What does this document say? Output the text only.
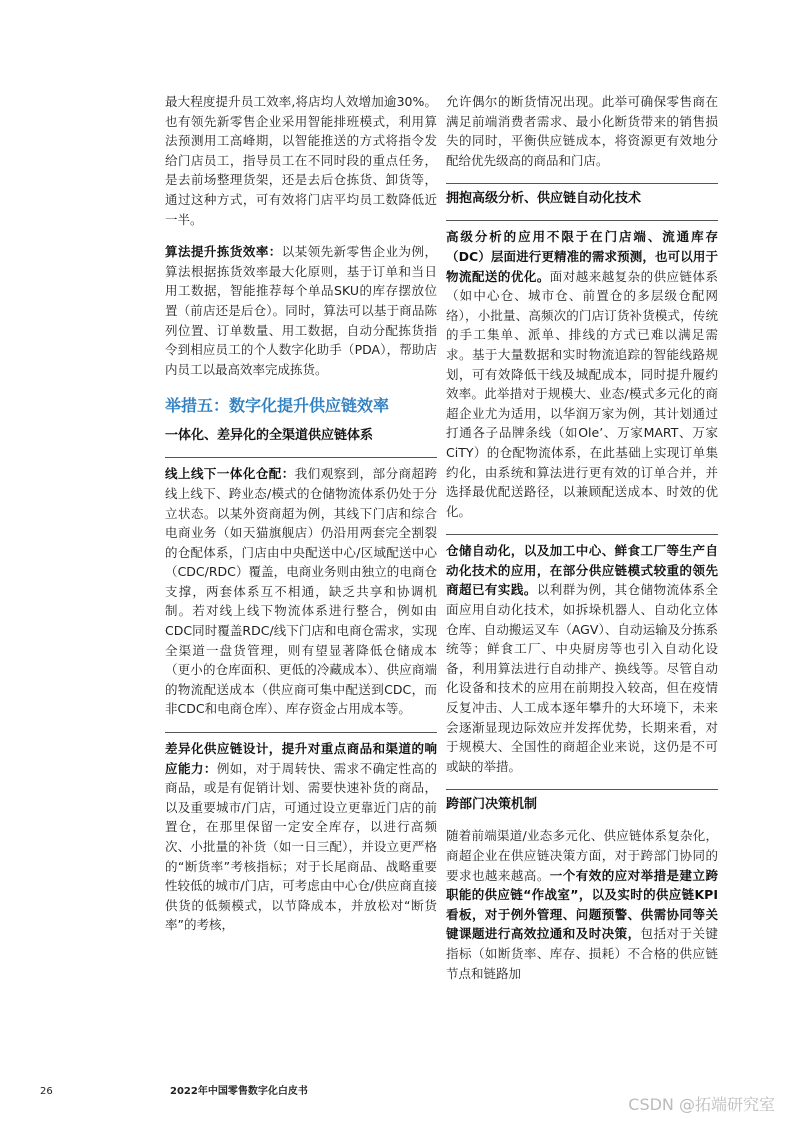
最大程度提升员工效率,将店均人效增加逾30%。也有领先新零售企业采用智能排班模式，利用算法预测用工高峰期，以智能推送的方式将指令发给门店员工，指导员工在不同时段的重点任务，是去前场整理货架，还是去后仓拣货、卸货等，通过这种方式，可有效将门店平均员工数降低近一半。

算法提升拣货效率：以某领先新零售企业为例，算法根据拣货效率最大化原则，基于订单和当日用工数据，智能推荐每个单品SKU的库存摆放位置（前店还是后仓）。同时，算法可以基于商品陈列位置、订单数量、用工数据，自动分配拣货指令到相应员工的个人数字化助手（PDA），帮助店内员工以最高效率完成拣货。

举措五：数字化提升供应链效率
一体化、差异化的全渠道供应链体系

线上线下一体化仓配：我们观察到，部分商超跨线上线下、跨业态/模式的仓储物流体系仍处于分立状态。以某外资商超为例，其线下门店和综合电商业务（如天猫旗舰店）仍沿用两套完全割裂的仓配体系，门店由中央配送中心/区域配送中心（CDC/RDC）覆盖，电商业务则由独立的电商仓支撑，两套体系互不相通，缺乏共享和协调机制。若对线上线下物流体系进行整合，例如由CDC同时覆盖RDC/线下门店和电商仓需求，实现全渠道一盘货管理，则有望显著降低仓储成本（更小的仓库面积、更低的冷藏成本）、供应商端的物流配送成本（供应商可集中配送到CDC，而非CDC和电商仓库）、库存资金占用成本等。

差异化供应链设计，提升对重点商品和渠道的响应能力：例如，对于周转快、需求不确定性高的商品，或是有促销计划、需要快速补货的商品，以及重要城市/门店，可通过设立更靠近门店的前置仓，在那里保留一定安全库存，以进行高频次、小批量的补货（如一日三配），并设立更严格的“断货率”考核指标；对于长尾商品、战略重要性较低的城市/门店，可考虑由中心仓/供应商直接供货的低频模式，以节降成本，并放松对“断货率”的考核，

允许偶尔的断货情况出现。此举可确保零售商在满足前端消费者需求、最小化断货带来的销售损失的同时，平衡供应链成本，将资源更有效地分配给优先级高的商品和门店。

拥抱高级分析、供应链自动化技术

高级分析的应用不限于在门店端、流通库存（DC）层面进行更精准的需求预测，也可以用于物流配送的优化。面对越来越复杂的供应链体系（如中心仓、城市仓、前置仓的多层级仓配网络），小批量、高频次的门店订货补货模式，传统的手工集单、派单、排线的方式已难以满足需求。基于大量数据和实时物流追踪的智能线路规划，可有效降低干线及城配成本，同时提升履约效率。此举措对于规模大、业态/模式多元化的商超企业尤为适用，以华润万家为例，其计划通过打通各子品牌条线（如Ole’、万家MART、万家CiTY）的仓配物流体系，在此基础上实现订单集约化，由系统和算法进行更有效的订单合并，并选择最优配送路径，以兼顾配送成本、时效的优化。

仓储自动化，以及加工中心、鲜食工厂等生产自动化技术的应用，在部分供应链模式较重的领先商超已有实践。以利群为例，其仓储物流体系全面应用自动化技术，如拆垛机器人、自动化立体仓库、自动搬运叉车（AGV）、自动运输及分拣系统等；鲜食工厂、中央厨房等也引入自动化设备，利用算法进行自动排产、换线等。尽管自动化设备和技术的应用在前期投入较高，但在疫情反复冲击、人工成本逐年攀升的大环境下，未来会逐渐显现边际效应并发挥优势，长期来看，对于规模大、全国性的商超企业来说，这仍是不可或缺的举措。

跨部门决策机制

随着前端渠道/业态多元化、供应链体系复杂化，商超企业在供应链决策方面，对于跨部门协同的要求也越来越高。一个有效的应对举措是建立跨职能的供应链“作战室”，以及实时的供应链KPI看板，对于例外管理、问题预警、供需协同等关键课题进行高效拉通和及时决策，包括对于关键指标（如断货率、库存、损耗）不合格的供应链节点和链路加

26	2022年中国零售数字化白皮书
CSDN @拓端研究室
